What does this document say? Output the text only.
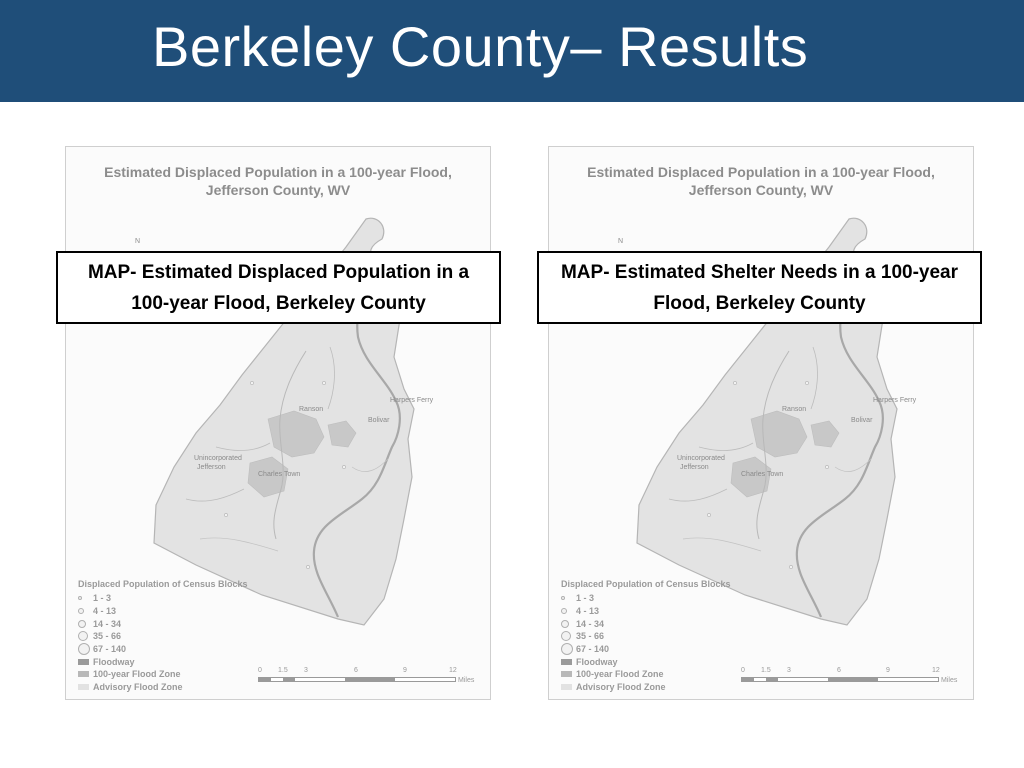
Berkeley County– Results
Estimated Displaced Population in a 100-year Flood,
Jefferson County, WV
N
Harpers Ferry
Ranson
Bolivar
Unincorporated
Jefferson
Charles Town
Displaced Population of Census Blocks
1 - 3
4 - 13
14 - 34
35 - 66
67 - 140
Floodway
100-year Flood Zone
Advisory Flood Zone
0 1.5 3	6	9	12
Miles
MAP- Estimated Displaced Population in a 100-year Flood, Berkeley County
Estimated Displaced Population in a 100-year Flood,
Jefferson County, WV
N
Harpers Ferry
Ranson
Bolivar
Unincorporated
Jefferson
Charles Town
Displaced Population of Census Blocks
1 - 3
4 - 13
14 - 34
35 - 66
67 - 140
Floodway
100-year Flood Zone
Advisory Flood Zone
0 1.5 3	6	9	12
Miles
MAP- Estimated Shelter Needs in a 100-year Flood, Berkeley County
